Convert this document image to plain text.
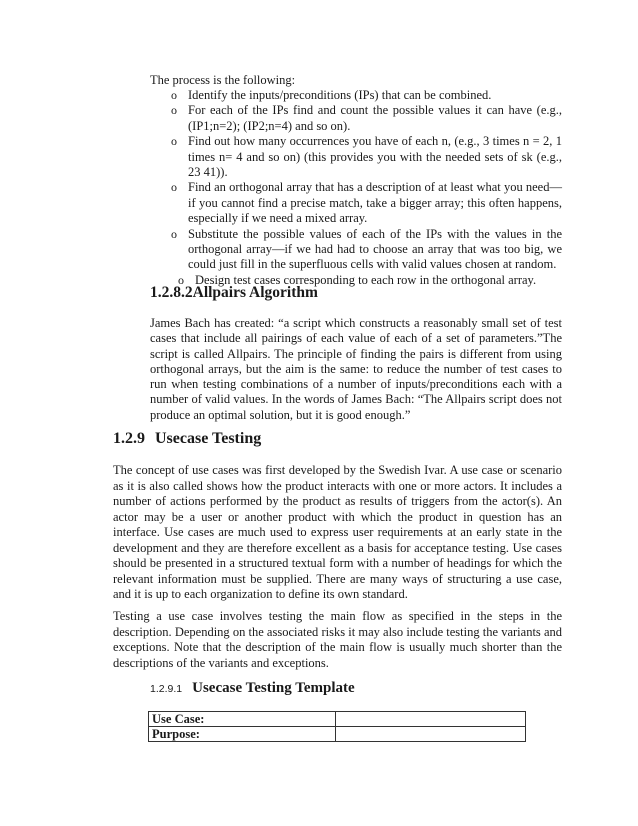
The process is the following:
o Identify the inputs/preconditions (IPs) that can be combined.
o For each of the IPs find and count the possible values it can have (e.g., (IP1;n=2); (IP2;n=4) and so on).
o Find out how many occurrences you have of each n, (e.g., 3 times n = 2, 1 times n= 4 and so on) (this provides you with the needed sets of sk (e.g., 23 41)).
o Find an orthogonal array that has a description of at least what you need—if you cannot find a precise match, take a bigger array; this often happens, especially if we need a mixed array.
o Substitute the possible values of each of the IPs with the values in the orthogonal array—if we had had to choose an array that was too big, we could just fill in the superfluous cells with valid values chosen at random.
o Design test cases corresponding to each row in the orthogonal array.
1.2.8.2Allpairs Algorithm
James Bach has created: “a script which constructs a reasonably small set of test cases that include all pairings of each value of each of a set of parameters.”The script is called Allpairs. The principle of finding the pairs is different from using orthogonal arrays, but the aim is the same: to reduce the number of test cases to run when testing combinations of a number of inputs/preconditions each with a number of valid values. In the words of James Bach: “The Allpairs script does not produce an optimal solution, but it is good enough.”
1.2.9 Usecase Testing
The concept of use cases was first developed by the Swedish Ivar. A use case or scenario as it is also called shows how the product interacts with one or more actors. It includes a number of actions performed by the product as results of triggers from the actor(s). An actor may be a user or another product with which the product in question has an interface. Use cases are much used to express user requirements at an early state in the development and they are therefore excellent as a basis for acceptance testing. Use cases should be presented in a structured textual form with a number of headings for which the relevant information must be supplied. There are many ways of structuring a use case, and it is up to each organization to define its own standard.
Testing a use case involves testing the main flow as specified in the steps in the description. Depending on the associated risks it may also include testing the variants and exceptions. Note that the description of the main flow is usually much shorter than the descriptions of the variants and exceptions.
1.2.9.1 Usecase Testing Template
Use Case:	
Purpose:	
